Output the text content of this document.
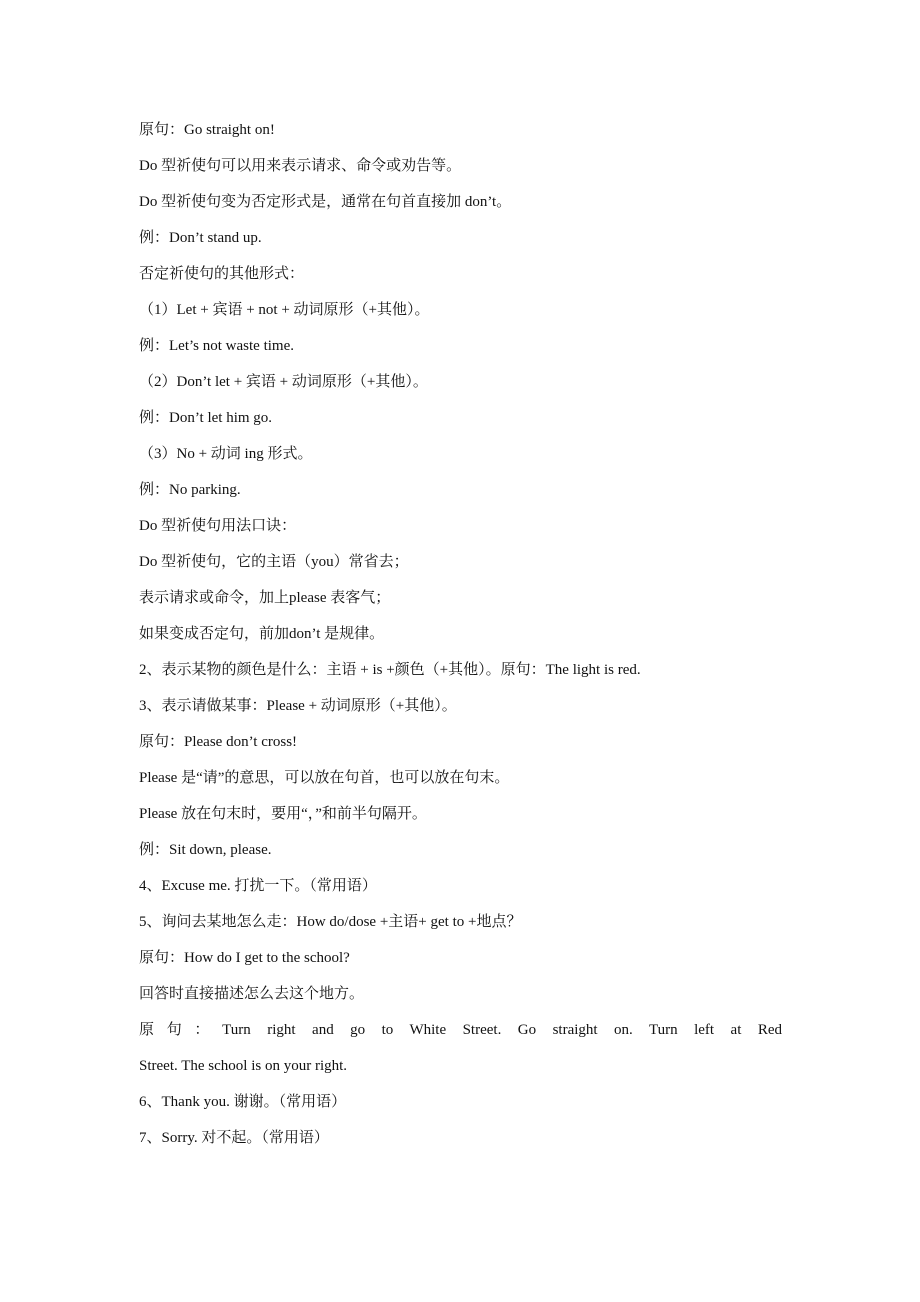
原句：Go straight on!
Do 型祈使句可以用来表示请求、命令或劝告等。
Do 型祈使句变为否定形式是，通常在句首直接加 don’t。
例：Don’t stand up.
否定祈使句的其他形式：
（1）Let + 宾语 + not + 动词原形（+其他）。
例：Let’s not waste time.
（2）Don’t let + 宾语 + 动词原形（+其他）。
例：Don’t let him go.
（3）No + 动词 ing 形式。
例：No parking.
Do 型祈使句用法口诀：
Do 型祈使句，它的主语（you）常省去；
表示请求或命令，加上please 表客气；
如果变成否定句，前加don’t 是规律。
2、表示某物的颜色是什么：主语 + is +颜色（+其他）。原句：The light is red.
3、表示请做某事：Please + 动词原形（+其他）。
原句：Please don’t cross!
Please 是“请”的意思，可以放在句首，也可以放在句末。
Please 放在句末时，要用“，”和前半句隔开。
例：Sit down, please.
4、Excuse me. 打扰一下。（常用语）
5、询问去某地怎么走：How do/dose +主语+ get to +地点？
原句：How do I get to the school?
回答时直接描述怎么去这个地方。
原句：Turn right and go to White Street. Go straight on. Turn left at Red
Street. The school is on your right.
6、Thank you. 谢谢。（常用语）
7、Sorry. 对不起。（常用语）
